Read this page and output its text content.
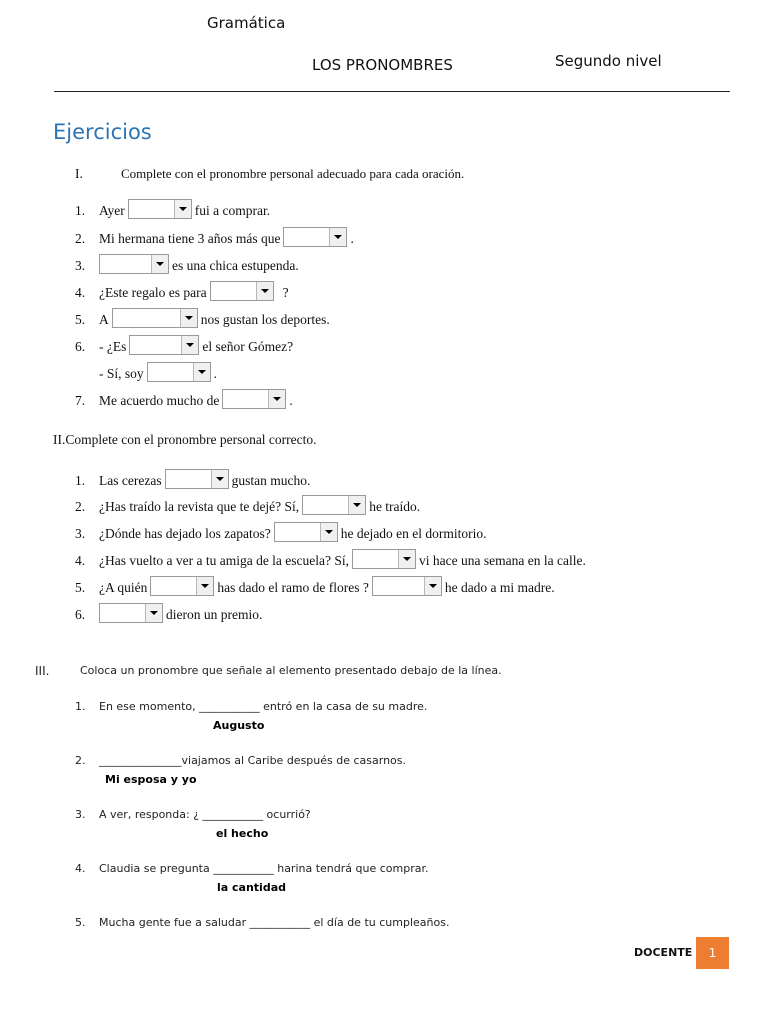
Gramática
LOS PRONOMBRES	Segundo nivel
Ejercicios
I.	Complete con el pronombre personal adecuado para cada oración.
1.	Ayer	fui a comprar.
2.	Mi hermana tiene 3 años más que	.
3.	es una chica estupenda.
4.	¿Este regalo es para	?
5.	A	nos gustan los deportes.
6.	- ¿Es	el señor Gómez?
- Sí, soy	.
7.	Me acuerdo mucho de	.
II.Complete con el pronombre personal correcto.
1.	Las cerezas	gustan mucho.
2.	¿Has traído la revista que te dejé? Sí,	he traído.
3.	¿Dónde has dejado los zapatos?	he dejado en el dormitorio.
4.	¿Has vuelto a ver a tu amiga de la escuela? Sí,	vi hace una semana en la calle.
5.	¿A quién	has dado el ramo de flores ?	he dado a mi madre.
6.	dieron un premio.
III.	Coloca un pronombre que señale al elemento presentado debajo de la línea.
1. En ese momento, ___________ entró en la casa de su madre.
Augusto
2. _______________viajamos al Caribe después de casarnos.
Mi esposa y yo
3. A ver, responda: ¿ ___________ ocurrió?
el hecho
4. Claudia se pregunta ___________ harina tendrá que comprar.
la cantidad
5. Mucha gente fue a saludar ___________ el día de tu cumpleaños.
DOCENTE	1
